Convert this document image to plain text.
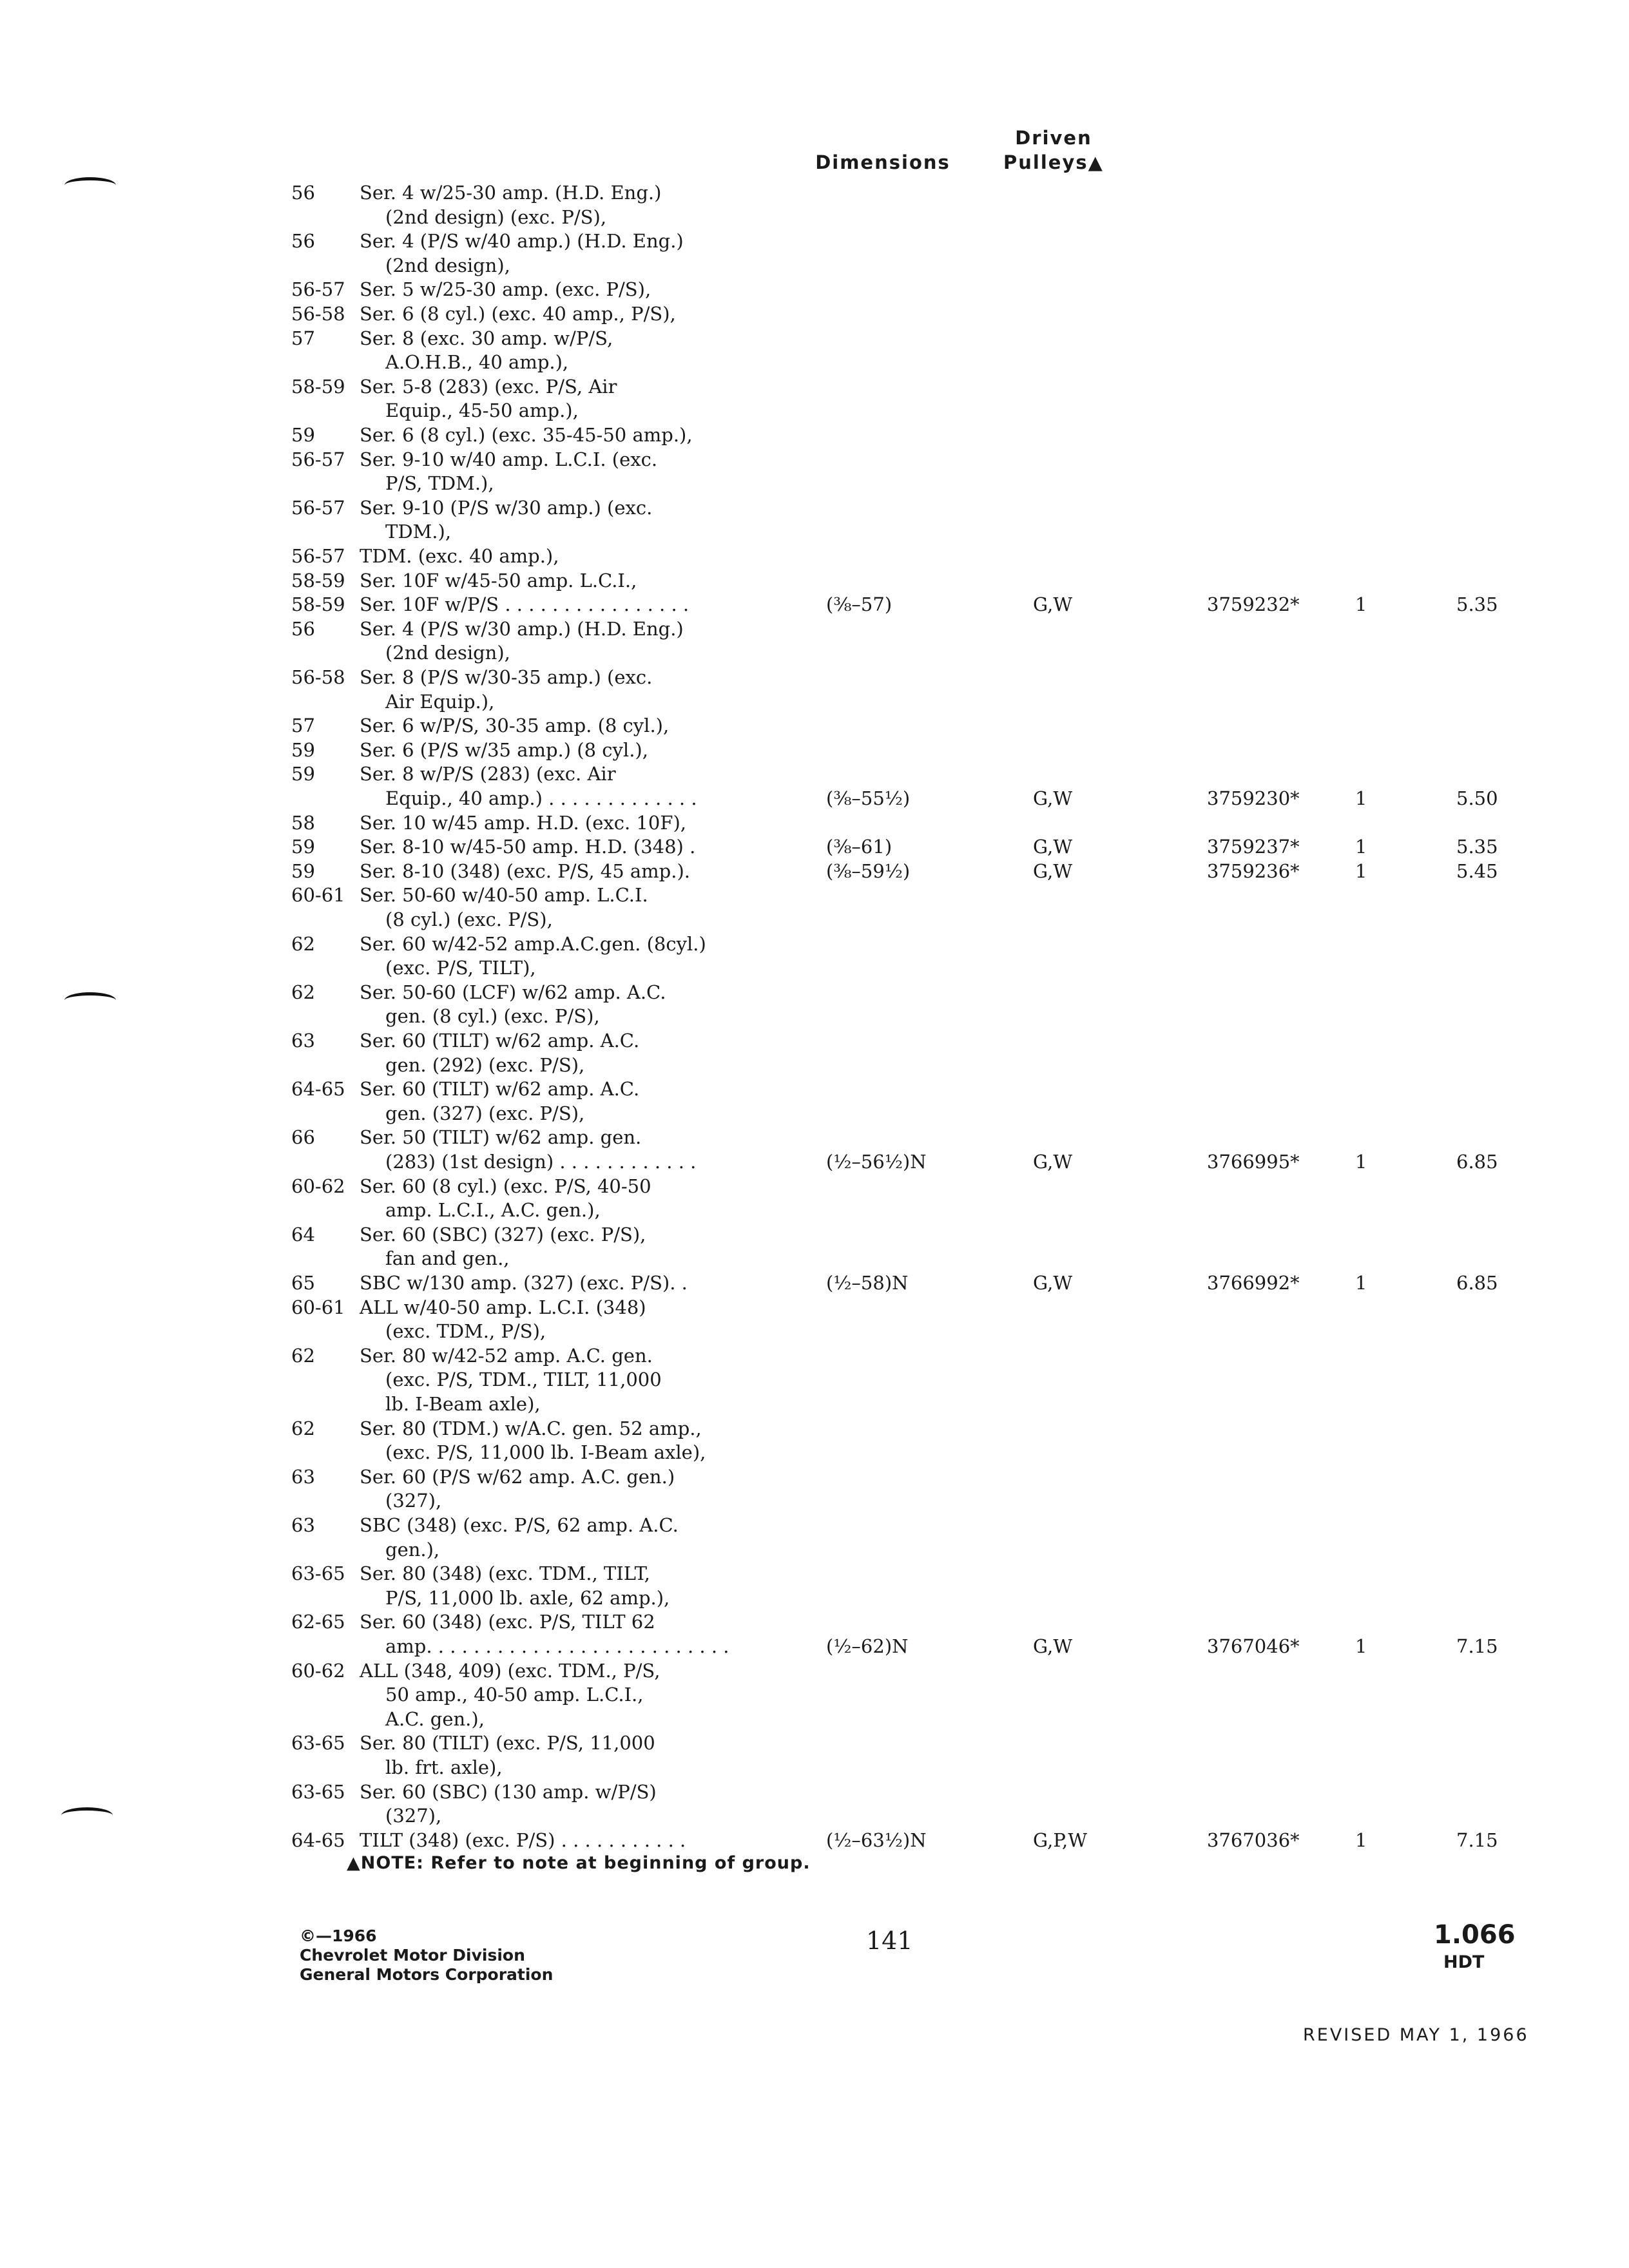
Dimensions
Driven
Pulleys▲
56 Ser. 4 w/25-30 amp. (H.D. Eng.)
(2nd design) (exc. P/S),
56 Ser. 4 (P/S w/40 amp.) (H.D. Eng.)
(2nd design),
56-57 Ser. 5 w/25-30 amp. (exc. P/S),
56-58 Ser. 6 (8 cyl.) (exc. 40 amp., P/S),
57 Ser. 8 (exc. 30 amp. w/P/S,
A.O.H.B., 40 amp.),
58-59 Ser. 5-8 (283) (exc. P/S, Air
Equip., 45-50 amp.),
59 Ser. 6 (8 cyl.) (exc. 35-45-50 amp.),
56-57 Ser. 9-10 w/40 amp. L.C.I. (exc.
P/S, TDM.),
56-57 Ser. 9-10 (P/S w/30 amp.) (exc.
TDM.),
56-57 TDM. (exc. 40 amp.),
58-59 Ser. 10F w/45-50 amp. L.C.I.,
58-59 Ser. 10F w/P/S . . . . . . . . . . . . . . . .	(⅜–57)	G,W	3759232*	1	5.35
56 Ser. 4 (P/S w/30 amp.) (H.D. Eng.)
(2nd design),
56-58 Ser. 8 (P/S w/30-35 amp.) (exc.
Air Equip.),
57 Ser. 6 w/P/S, 30-35 amp. (8 cyl.),
59 Ser. 6 (P/S w/35 amp.) (8 cyl.),
59 Ser. 8 w/P/S (283) (exc. Air
Equip., 40 amp.) . . . . . . . . . . . . .	(⅜–55½)	G,W	3759230*	1	5.50
58 Ser. 10 w/45 amp. H.D. (exc. 10F),
59 Ser. 8-10 w/45-50 amp. H.D. (348) .	(⅜–61)	G,W	3759237*	1	5.35
59 Ser. 8-10 (348) (exc. P/S, 45 amp.).	(⅜–59½)	G,W	3759236*	1	5.45
60-61 Ser. 50-60 w/40-50 amp. L.C.I.
(8 cyl.) (exc. P/S),
62 Ser. 60 w/42-52 amp.A.C.gen. (8cyl.)
(exc. P/S, TILT),
62 Ser. 50-60 (LCF) w/62 amp. A.C.
gen. (8 cyl.) (exc. P/S),
63 Ser. 60 (TILT) w/62 amp. A.C.
gen. (292) (exc. P/S),
64-65 Ser. 60 (TILT) w/62 amp. A.C.
gen. (327) (exc. P/S),
66 Ser. 50 (TILT) w/62 amp. gen.
(283) (1st design) . . . . . . . . . . . .	(½–56½)N	G,W	3766995*	1	6.85
60-62 Ser. 60 (8 cyl.) (exc. P/S, 40-50
amp. L.C.I., A.C. gen.),
64 Ser. 60 (SBC) (327) (exc. P/S),
fan and gen.,
65 SBC w/130 amp. (327) (exc. P/S). .	(½–58)N	G,W	3766992*	1	6.85
60-61 ALL w/40-50 amp. L.C.I. (348)
(exc. TDM., P/S),
62 Ser. 80 w/42-52 amp. A.C. gen.
(exc. P/S, TDM., TILT, 11,000
lb. I-Beam axle),
62 Ser. 80 (TDM.) w/A.C. gen. 52 amp.,
(exc. P/S, 11,000 lb. I-Beam axle),
63 Ser. 60 (P/S w/62 amp. A.C. gen.)
(327),
63 SBC (348) (exc. P/S, 62 amp. A.C.
gen.),
63-65 Ser. 80 (348) (exc. TDM., TILT,
P/S, 11,000 lb. axle, 62 amp.),
62-65 Ser. 60 (348) (exc. P/S, TILT 62
amp. . . . . . . . . . . . . . . . . . . . . . . . . .	(½–62)N	G,W	3767046*	1	7.15
60-62 ALL (348, 409) (exc. TDM., P/S,
50 amp., 40-50 amp. L.C.I.,
A.C. gen.),
63-65 Ser. 80 (TILT) (exc. P/S, 11,000
lb. frt. axle),
63-65 Ser. 60 (SBC) (130 amp. w/P/S)
(327),
64-65 TILT (348) (exc. P/S) . . . . . . . . . . .	(½–63½)N	G,P,W	3767036*	1	7.15
▲NOTE: Refer to note at beginning of group.
©—1966
Chevrolet Motor Division
General Motors Corporation
141	1.066
HDT
REVISED MAY 1, 1966
